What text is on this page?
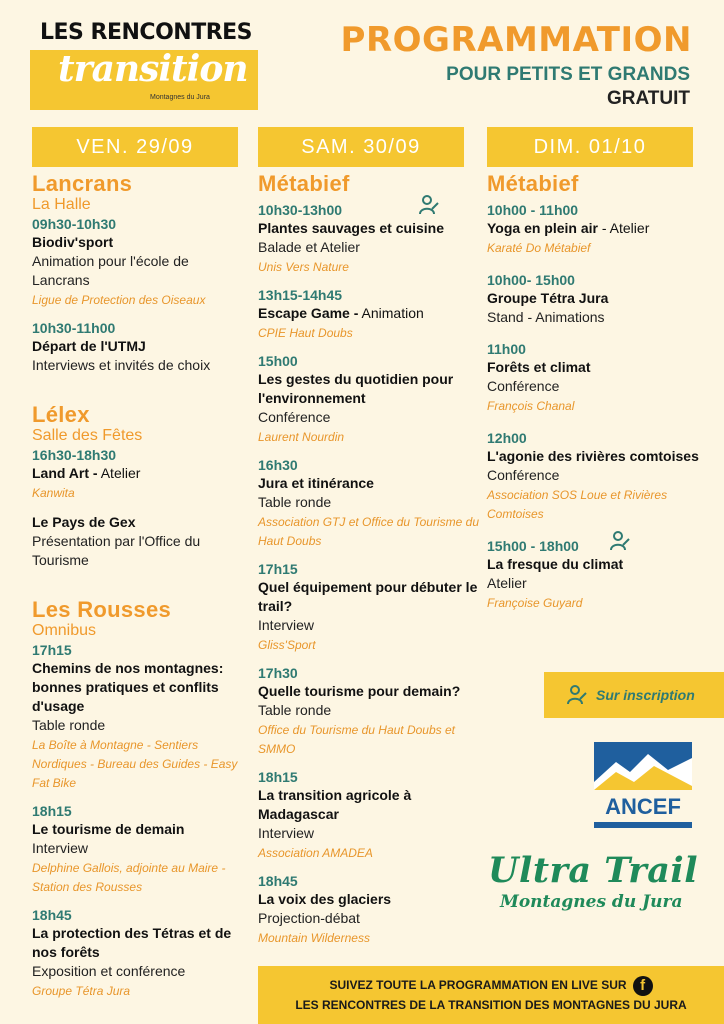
LES RENCONTRES
transition
Montagnes du Jura
PROGRAMMATION
POUR PETITS ET GRANDS
GRATUIT
VEN. 29/09	SAM. 30/09	DIM. 01/10
Lancrans
La Halle
09h30-10h30
Biodiv'sport
Animation pour l'école de Lancrans
Ligue de Protection des Oiseaux
10h30-11h00
Départ de l'UTMJ
Interviews et invités de choix
Lélex
Salle des Fêtes
16h30-18h30
Land Art - Atelier
Kanwita
Le Pays de Gex
Présentation par l'Office du Tourisme
Les Rousses
Omnibus
17h15
Chemins de nos montagnes: bonnes pratiques et conflits d'usage
Table ronde
La Boîte à Montagne - Sentiers Nordiques - Bureau des Guides - Easy Fat Bike
18h15
Le tourisme de demain
Interview
Delphine Gallois, adjointe au Maire - Station des Rousses
18h45
La protection des Tétras et de nos forêts
Exposition et conférence
Groupe Tétra Jura
Métabief
10h30-13h00
Plantes sauvages et cuisine
Balade et Atelier
Unis Vers Nature
13h15-14h45
Escape Game - Animation
CPIE Haut Doubs
15h00
Les gestes du quotidien pour l'environnement
Conférence
Laurent Nourdin
16h30
Jura et itinérance
Table ronde
Association GTJ et Office du Tourisme du Haut Doubs
17h15
Quel équipement pour débuter le trail?
Interview
Gliss'Sport
17h30
Quelle tourisme pour demain?
Table ronde
Office du Tourisme du Haut Doubs et SMMO
18h15
La transition agricole à Madagascar
Interview
Association AMADEA
18h45
La voix des glaciers
Projection-débat
Mountain Wilderness
Métabief
10h00 - 11h00
Yoga en plein air - Atelier
Karaté Do Métabief
10h00- 15h00
Groupe Tétra Jura
Stand - Animations
11h00
Forêts et climat
Conférence
François Chanal
12h00
L'agonie des rivières comtoises
Conférence
Association SOS Loue et Rivières Comtoises
15h00 - 18h00
La fresque du climat
Atelier
Françoise Guyard
Sur inscription
ANCEF
Ultra Trail
Montagnes du Jura
SUIVEZ TOUTE LA PROGRAMMATION EN LIVE SUR f
LES RENCONTRES DE LA TRANSITION DES MONTAGNES DU JURA
